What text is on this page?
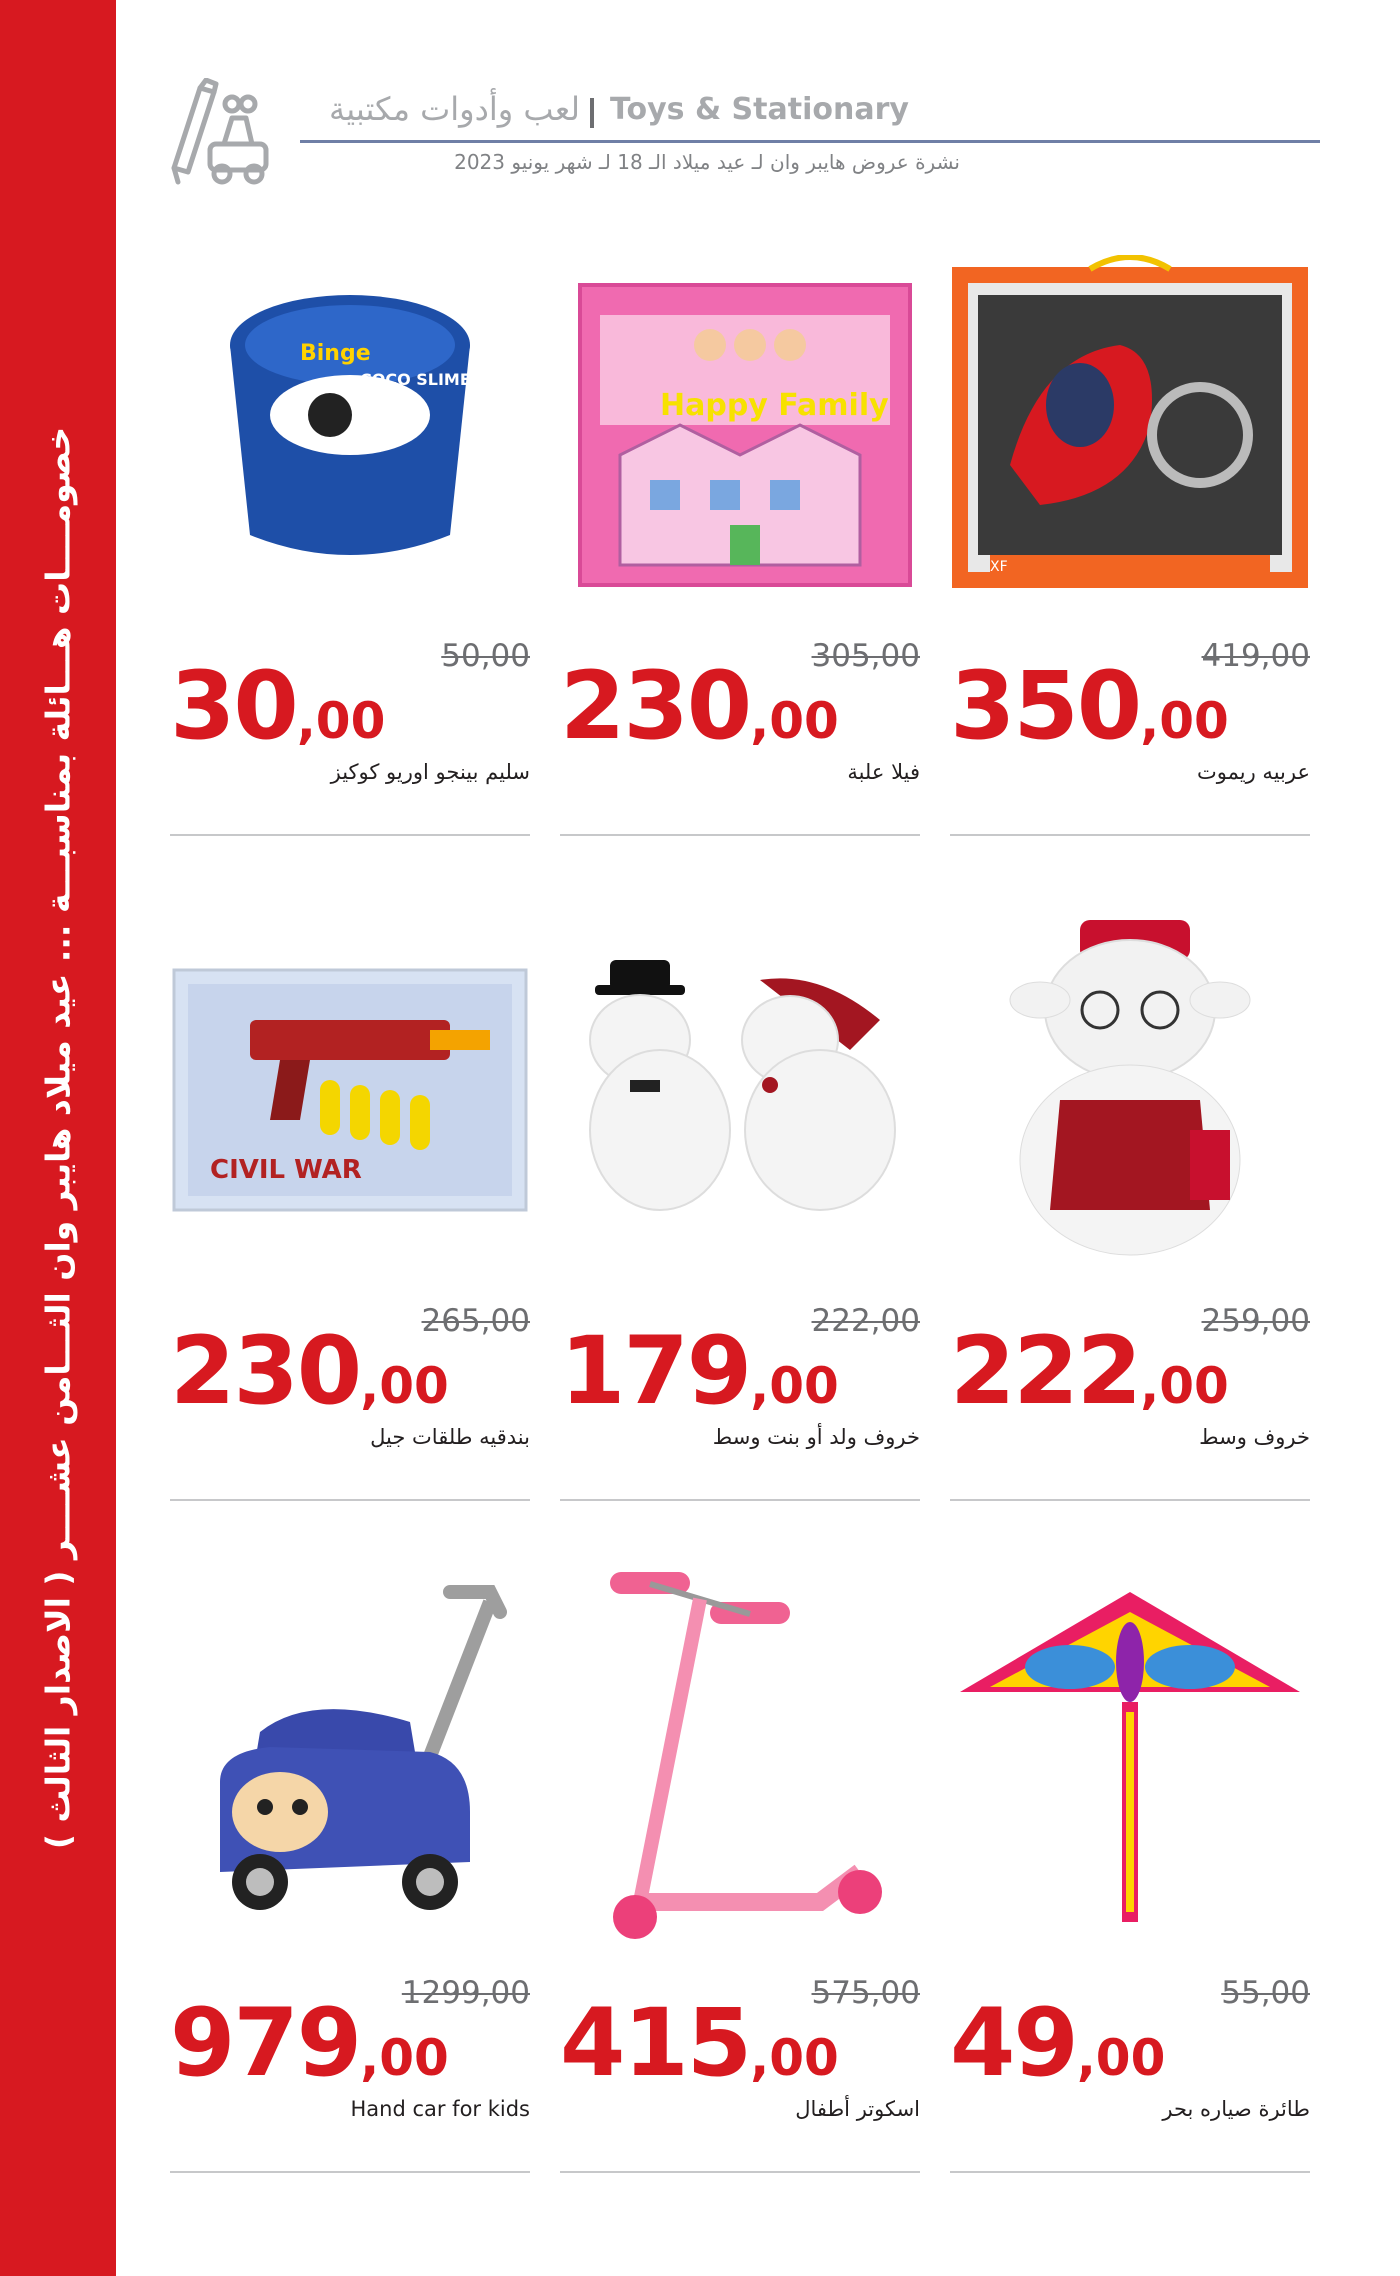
خصومــــات هـــائلة بمناسبـــة ... عيد ميلاد هايبر وان الثـــامن عشــــر ( الاصدار الثالث )
لعب وأدوات مكتبية Toys & Stationary
نشرة عروض هايبر وان لـ عيد ميلاد الـ 18 لـ شهر يونيو 2023
XF
419,00
350,00
عربيه ريموت
Happy Family
305,00
230,00
فيلا علبة
Binge
COCO SLIME
50,00
30,00
سليم بينجو اوريو كوكيز
259,00
222,00
خروف وسط
222,00
179,00
خروف ولد أو بنت وسط
CIVIL WAR
265,00
230,00
بندقيه طلقات جيل
55,00
49,00
طائرة صياره بحر
575,00
415,00
اسكوتر أطفال
1299,00
979,00
Hand car for kids
